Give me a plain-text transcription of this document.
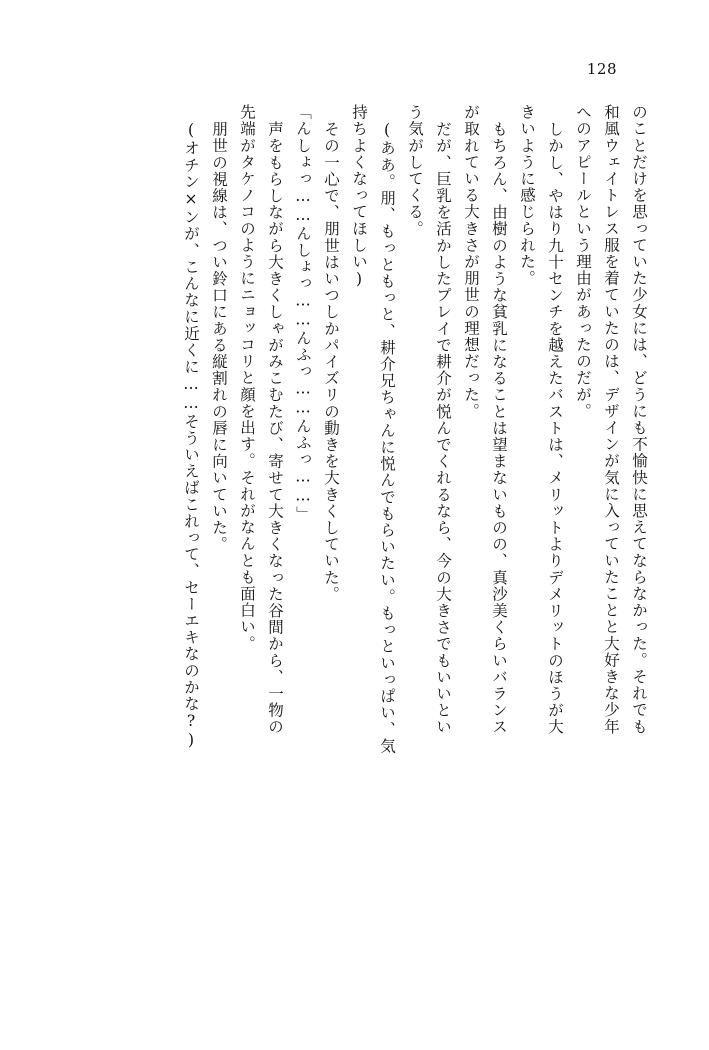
128
のことだけを思っていた少女には、どうにも不愉快に思えてならなかった。それでも
和風ウェイトレス服を着ていたのは、デザインが気に入っていたことと大好きな少年
へのアピールという理由があったのだが。
しかし、やはり九十センチを越えたバストは、メリットよりデメリットのほうが大
きいように感じられた。
もちろん、由樹のような貧乳になることは望まないものの、真沙美くらいバランス
が取れている大きさが朋世の理想だった。
だが、巨乳を活かしたプレイで耕介が悦んでくれるなら、今の大きさでもいいとい
う気がしてくる。
(ああ。朋、もっともっと、耕介兄ちゃんに悦んでもらいたい。もっといっぱい、気
持ちよくなってほしい)
その一心で、朋世はいつしかパイズリの動きを大きくしていた。
「んしょっ……んしょっ……んふっ……んふっ……」
声をもらしながら大きくしゃがみこむたび、寄せて大きくなった谷間から、一物の
先端がタケノコのようにニョッコリと顔を出す。それがなんとも面白い。
朋世の視線は、つい鈴口にある縦割れの唇に向いていた。
(オチン×ンが、こんなに近くに……そういえばこれって、セーエキなのかな?)
